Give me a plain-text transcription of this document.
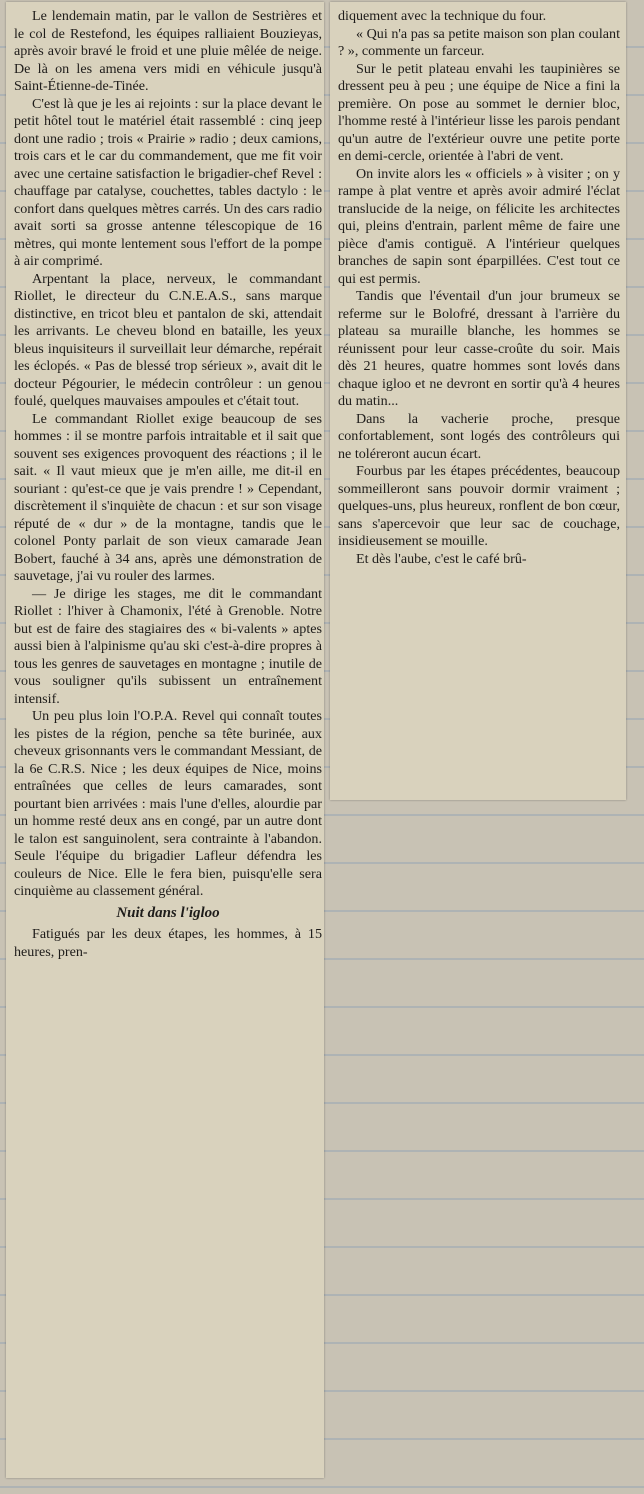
Le lendemain matin, par le vallon de Sestrières et le col de Restefond, les équipes ralliaient Bouzieyas, après avoir bravé le froid et une pluie mêlée de neige. De là on les amena vers midi en véhicule jusqu'à Saint-Étienne-de-Tinée.

C'est là que je les ai rejoints : sur la place devant le petit hôtel tout le matériel était rassemblé : cinq jeep dont une radio ; trois « Prairie » radio ; deux camions, trois cars et le car du commandement, que me fit voir avec une certaine satisfaction le brigadier-chef Revel : chauffage par catalyse, couchettes, tables dactylo : le confort dans quelques mètres carrés. Un des cars radio avait sorti sa grosse antenne télescopique de 16 mètres, qui monte lentement sous l'effort de la pompe à air comprimé.

Arpentant la place, nerveux, le commandant Riollet, le directeur du C.N.E.A.S., sans marque distinctive, en tricot bleu et pantalon de ski, attendait les arrivants. Le cheveu blond en bataille, les yeux bleus inquisiteurs il surveillait leur démarche, repérait les éclopés. « Pas de blessé trop sérieux », avait dit le docteur Pégourier, le médecin contrôleur : un genou foulé, quelques mauvaises ampoules et c'était tout.

Le commandant Riollet exige beaucoup de ses hommes : il se montre parfois intraitable et il sait que souvent ses exigences provoquent des réactions ; il le sait. « Il vaut mieux que je m'en aille, me dit-il en souriant : qu'est-ce que je vais prendre ! » Cependant, discrètement il s'inquiète de chacun : et sur son visage réputé de « dur » de la montagne, tandis que le colonel Ponty parlait de son vieux camarade Jean Bobert, fauché à 34 ans, après une démonstration de sauvetage, j'ai vu rouler des larmes.

— Je dirige les stages, me dit le commandant Riollet : l'hiver à Chamonix, l'été à Grenoble. Notre but est de faire des stagiaires des « bi-valents » aptes aussi bien à l'alpinisme qu'au ski c'est-à-dire propres à tous les genres de sauvetages en montagne ; inutile de vous souligner qu'ils subissent un entraînement intensif.

Un peu plus loin l'O.P.A. Revel qui connaît toutes les pistes de la région, penche sa tête burinée, aux cheveux grisonnants vers le commandant Messiant, de la 6e C.R.S. Nice ; les deux équipes de Nice, moins entraînées que celles de leurs camarades, sont pourtant bien arrivées : mais l'une d'elles, alourdie par un homme resté deux ans en congé, par un autre dont le talon est sanguinolent, sera contrainte à l'abandon. Seule l'équipe du brigadier Lafleur défendra les couleurs de Nice. Elle le fera bien, puisqu'elle sera cinquième au classement général.

Nuit dans l'igloo

Fatigués par les deux étapes, les hommes, à 15 heures, pren-

diquement avec la technique du four.

« Qui n'a pas sa petite maison son plan coulant ? », commente un farceur.

Sur le petit plateau envahi les taupinières se dressent peu à peu ; une équipe de Nice a fini la première. On pose au sommet le dernier bloc, l'homme resté à l'intérieur lisse les parois pendant qu'un autre de l'extérieur ouvre une petite porte en demi-cercle, orientée à l'abri de vent.

On invite alors les « officiels » à visiter ; on y rampe à plat ventre et après avoir admiré l'éclat translucide de la neige, on félicite les architectes qui, pleins d'entrain, parlent même de faire une pièce d'amis contiguë. A l'intérieur quelques branches de sapin sont éparpillées. C'est tout ce qui est permis.

Tandis que l'éventail d'un jour brumeux se referme sur le Bolofré, dressant à l'arrière du plateau sa muraille blanche, les hommes se réunissent pour leur casse-croûte du soir. Mais dès 21 heures, quatre hommes sont lovés dans chaque igloo et ne devront en sortir qu'à 4 heures du matin...

Dans la vacherie proche, presque confortablement, sont logés des contrôleurs qui ne toléreront aucun écart.

Fourbus par les étapes précédentes, beaucoup sommeilleront sans pouvoir dormir vraiment ; quelques-uns, plus heureux, ronflent de bon cœur, sans s'apercevoir que leur sac de couchage, insidieusement se mouille.

Et dès l'aube, c'est le café brû-
